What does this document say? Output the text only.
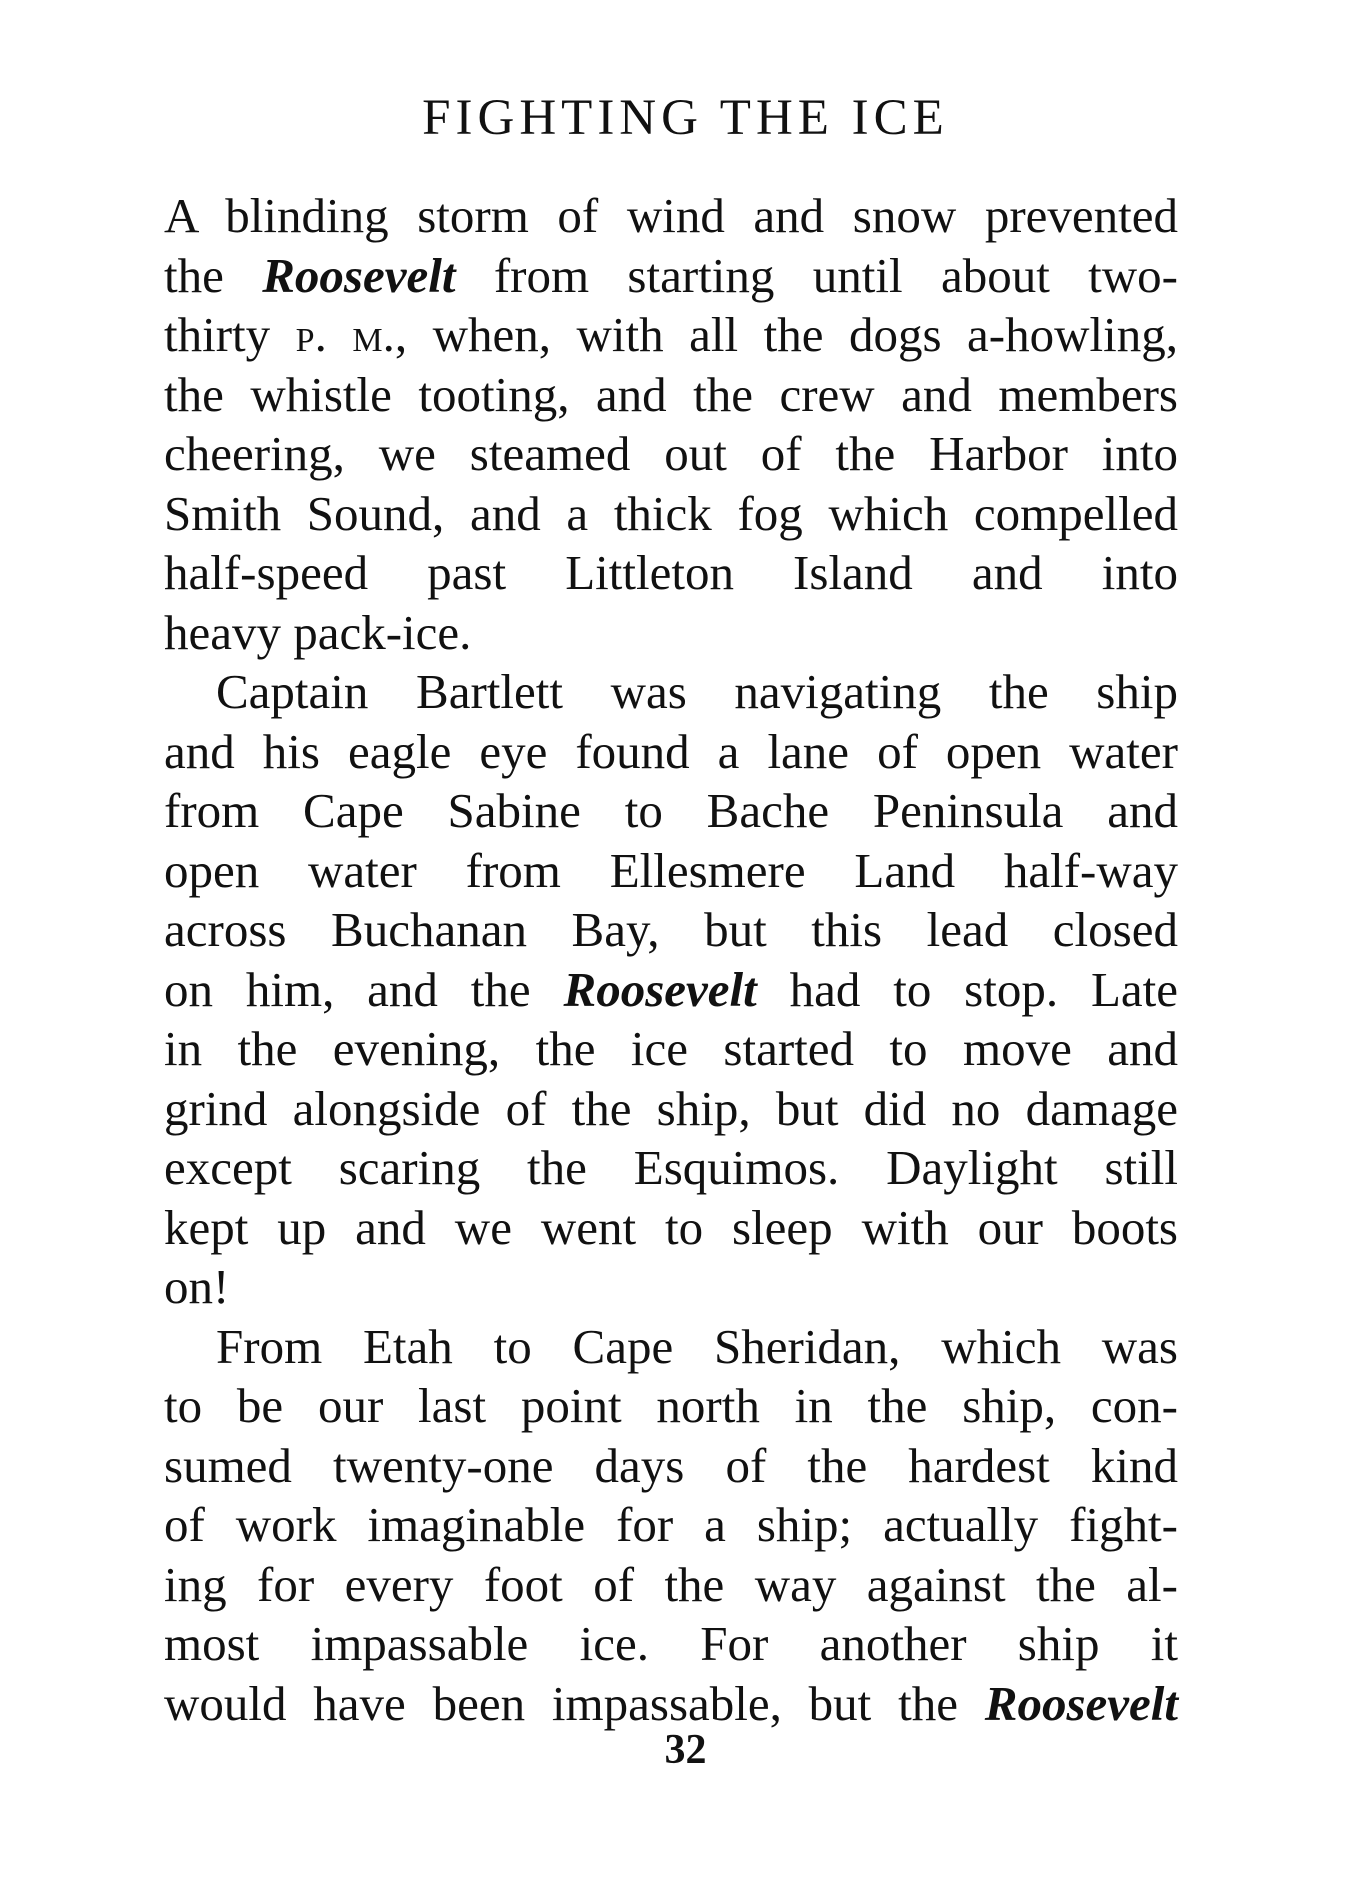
FIGHTING THE ICE
A blinding storm of wind and snow prevented
the Roosevelt from starting until about two-
thirty p. m., when, with all the dogs a-howling,
the whistle tooting, and the crew and members
cheering, we steamed out of the Harbor into
Smith Sound, and a thick fog which compelled
half-speed past Littleton Island and into
heavy pack-ice.
Captain Bartlett was navigating the ship
and his eagle eye found a lane of open water
from Cape Sabine to Bache Peninsula and
open water from Ellesmere Land half-way
across Buchanan Bay, but this lead closed
on him, and the Roosevelt had to stop. Late
in the evening, the ice started to move and
grind alongside of the ship, but did no damage
except scaring the Esquimos. Daylight still
kept up and we went to sleep with our boots
on!
From Etah to Cape Sheridan, which was
to be our last point north in the ship, con-
sumed twenty-one days of the hardest kind
of work imaginable for a ship; actually fight-
ing for every foot of the way against the al-
most impassable ice. For another ship it
would have been impassable, but the Roosevelt
32
